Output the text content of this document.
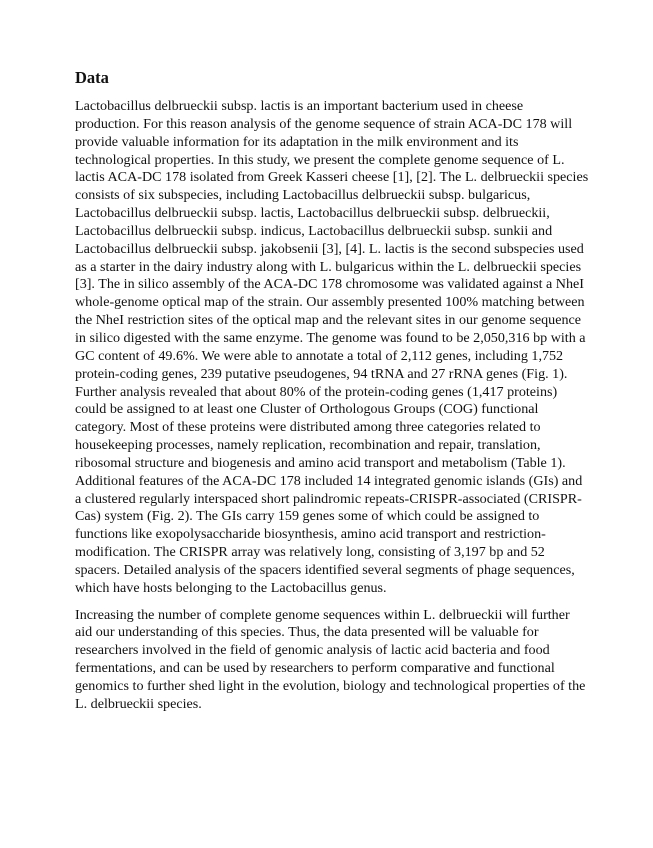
Data

Lactobacillus delbrueckii subsp. lactis is an important bacterium used in cheese production. For this reason analysis of the genome sequence of strain ACA-DC 178 will provide valuable information for its adaptation in the milk environment and its technological properties. In this study, we present the complete genome sequence of L. lactis ACA-DC 178 isolated from Greek Kasseri cheese [1], [2]. The L. delbrueckii species consists of six subspecies, including Lactobacillus delbrueckii subsp. bulgaricus, Lactobacillus delbrueckii subsp. lactis, Lactobacillus delbrueckii subsp. delbrueckii, Lactobacillus delbrueckii subsp. indicus, Lactobacillus delbrueckii subsp. sunkii and Lactobacillus delbrueckii subsp. jakobsenii [3], [4]. L. lactis is the second subspecies used as a starter in the dairy industry along with L. bulgaricus within the L. delbrueckii species [3]. The in silico assembly of the ACA-DC 178 chromosome was validated against a NheI whole-genome optical map of the strain. Our assembly presented 100% matching between the NheI restriction sites of the optical map and the relevant sites in our genome sequence in silico digested with the same enzyme. The genome was found to be 2,050,316 bp with a GC content of 49.6%. We were able to annotate a total of 2,112 genes, including 1,752 protein-coding genes, 239 putative pseudogenes, 94 tRNA and 27 rRNA genes (Fig. 1). Further analysis revealed that about 80% of the protein-coding genes (1,417 proteins) could be assigned to at least one Cluster of Orthologous Groups (COG) functional category. Most of these proteins were distributed among three categories related to housekeeping processes, namely replication, recombination and repair, translation, ribosomal structure and biogenesis and amino acid transport and metabolism (Table 1). Additional features of the ACA-DC 178 included 14 integrated genomic islands (GIs) and a clustered regularly interspaced short palindromic repeats-CRISPR-associated (CRISPR-Cas) system (Fig. 2). The GIs carry 159 genes some of which could be assigned to functions like exopolysaccharide biosynthesis, amino acid transport and restriction-modification. The CRISPR array was relatively long, consisting of 3,197 bp and 52 spacers. Detailed analysis of the spacers identified several segments of phage sequences, which have hosts belonging to the Lactobacillus genus.

Increasing the number of complete genome sequences within L. delbrueckii will further aid our understanding of this species. Thus, the data presented will be valuable for researchers involved in the field of genomic analysis of lactic acid bacteria and food fermentations, and can be used by researchers to perform comparative and functional genomics to further shed light in the evolution, biology and technological properties of the L. delbrueckii species.
